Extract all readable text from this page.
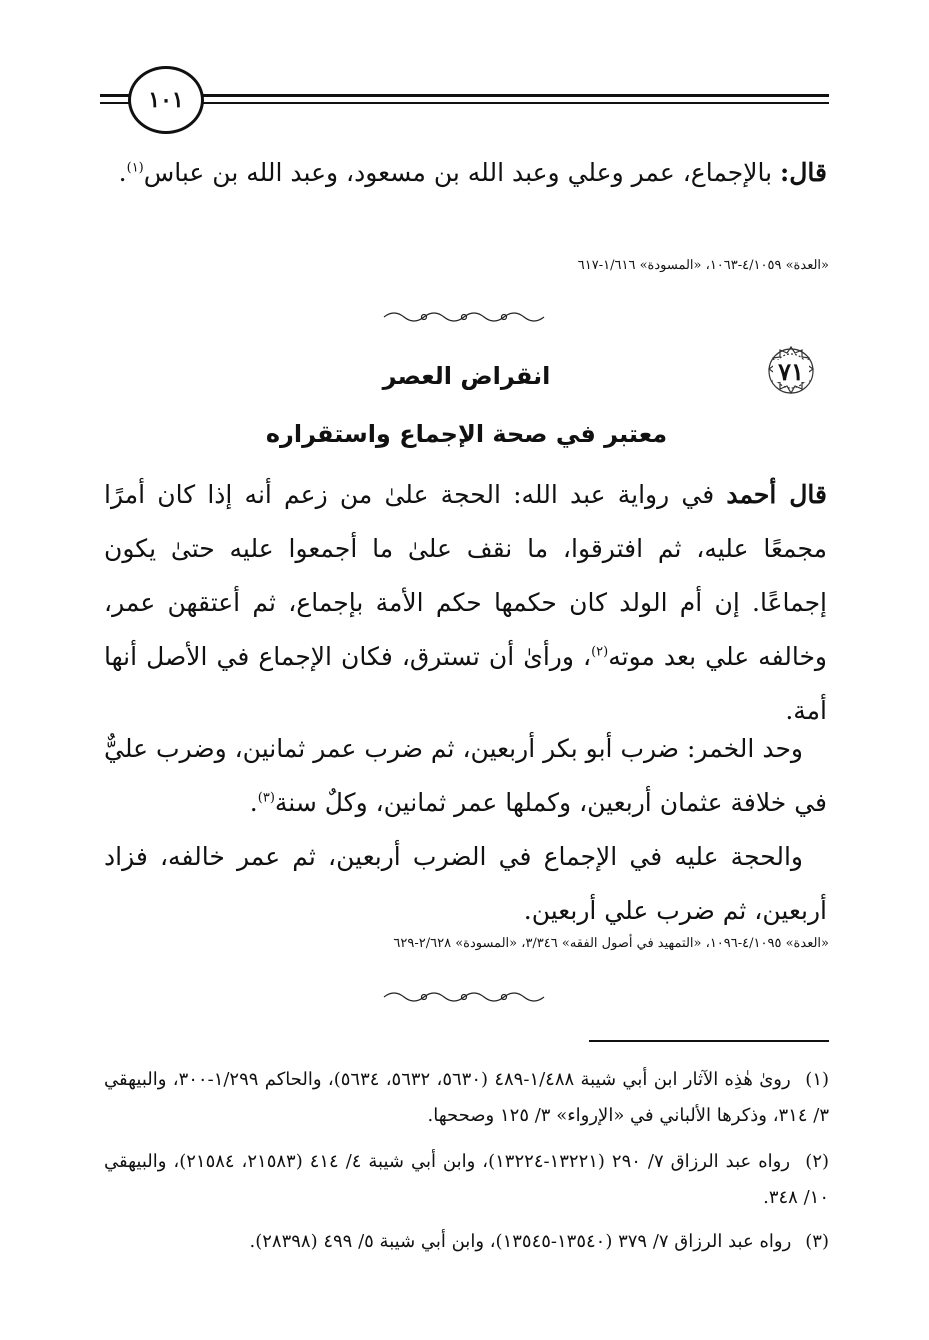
١٠١
قال: بالإجماع، عمر وعلي وعبد الله بن مسعود، وعبد الله بن عباس$^{(١)}$.
«العدة» ٤/١٠٥٩-١٠٦٣، «المسودة» ١/٦١٦-٦١٧
٧١
انقراض العصر
معتبر في صحة الإجماع واستقراره
قال أحمد في رواية عبد الله: الحجة علىٰ من زعم أنه إذا كان أمرًا مجمعًا عليه، ثم افترقوا، ما نقف علىٰ ما أجمعوا عليه حتىٰ يكون إجماعًا. إن أم الولد كان حكمها حكم الأمة بإجماع، ثم أعتقهن عمر، وخالفه علي بعد موته$^{(٢)}$، ورأىٰ أن تسترق، فكان الإجماع في الأصل أنها أمة.
وحد الخمر: ضرب أبو بكر أربعين، ثم ضرب عمر ثمانين، وضرب عليٌّ في خلافة عثمان أربعين، وكملها عمر ثمانين، وكلٌ سنة$^{(٣)}$.
والحجة عليه في الإجماع في الضرب أربعين، ثم عمر خالفه، فزاد أربعين، ثم ضرب علي أربعين.
«العدة» ٤/١٠٩٥-١٠٩٦، «التمهيد في أصول الفقه» ٣/٣٤٦، «المسودة» ٢/٦٢٨-٦٢٩
(١) روىٰ هٰذِه الآثار ابن أبي شيبة ١/٤٨٨-٤٨٩ (٥٦٣٠، ٥٦٣٢، ٥٦٣٤)، والحاكم ١/٢٩٩-٣٠٠، والبيهقي ٣/ ٣١٤، وذكرها الألباني في «الإرواء» ٣/ ١٢٥ وصححها.
(٢) رواه عبد الرزاق ٧/ ٢٩٠ (١٣٢٢١-١٣٢٢٤)، وابن أبي شيبة ٤/ ٤١٤ (٢١٥٨٣، ٢١٥٨٤)، والبيهقي ١٠/ ٣٤٨.
(٣) رواه عبد الرزاق ٧/ ٣٧٩ (١٣٥٤٠-١٣٥٤٥)، وابن أبي شيبة ٥/ ٤٩٩ (٢٨٣٩٨).
